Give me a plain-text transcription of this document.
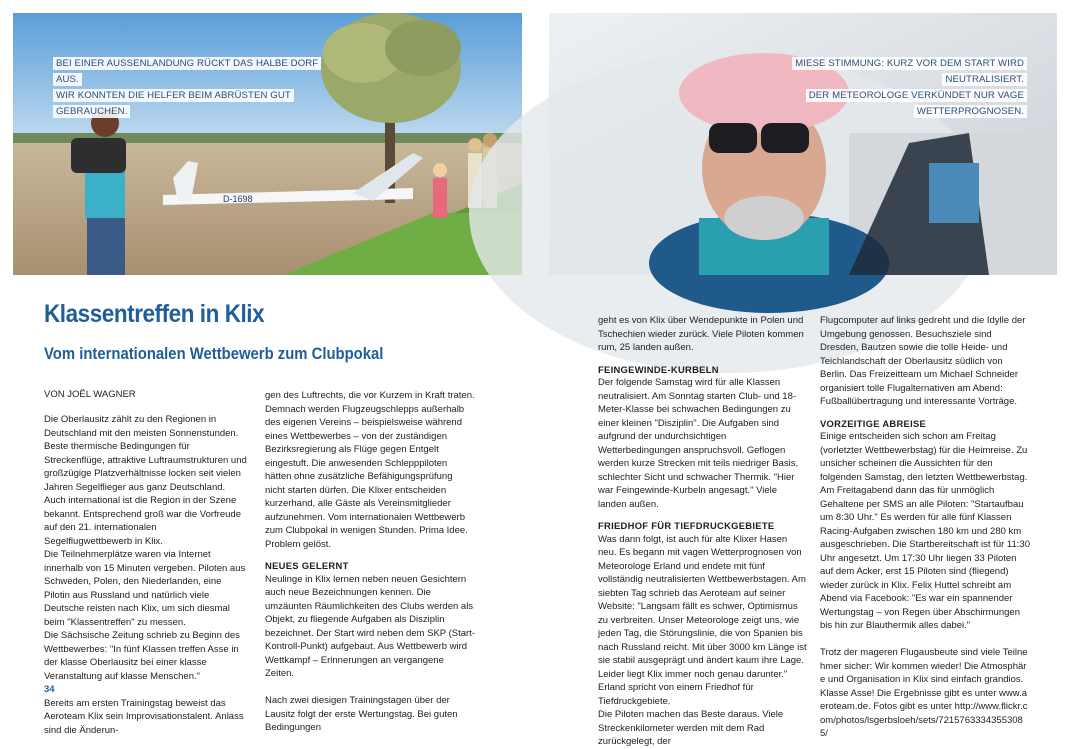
D-1698
BEI EINER AUSSENLANDUNG RÜCKT DAS HALBE DORF AUS.
WIR KONNTEN DIE HELFER BEIM ABRÜSTEN GUT GEBRAUCHEN.
MIESE STIMMUNG: KURZ VOR DEM START WIRD NEUTRALISIERT.
DER METEOROLOGE VERKÜNDET NUR VAGE WETTERPROGNOSEN.
Klassentreffen in Klix
Vom internationalen Wettbewerb zum Clubpokal
VON JOËL WAGNER

Die Oberlausitz zählt zu den Regionen in Deutschland mit den meisten Sonnenstunden. Beste thermische Bedingungen für Streckenflüge, attraktive Luftraumstrukturen und großzügige Platzverhältnisse locken seit vielen Jahren Segelflieger aus ganz Deutschland. Auch international ist die Region in der Szene bekannt. Entsprechend groß war die Vorfreude auf den 21. internationalen Segelflugwettbewerb in Klix.

Die Teilnehmerplätze waren via Internet innerhalb von 15 Minuten vergeben. Piloten aus Schweden, Polen, den Niederlanden, eine Pilotin aus Russland und natürlich viele Deutsche reisten nach Klix, um sich diesmal beim "Klassentreffen" zu messen.

Die Sächsische Zeitung schrieb zu Beginn des Wettbewerbes: "In fünf Klassen treffen Asse in der klasse Oberlausitz bei einer klasse Veranstaltung auf klasse Menschen."

Bereits am ersten Trainingstag beweist das Aeroteam Klix sein Improvisationstalent. Anlass sind die Änderun-

gen des Luftrechts, die vor Kurzem in Kraft traten. Demnach werden Flugzeugschlepps außerhalb des eigenen Vereins – beispielsweise während eines Wettbewerbes – von der zuständigen Bezirksregierung als Flüge gegen Entgelt eingestuft. Die anwesenden Schlepppiloten hätten ohne zusätzliche Befähigungsprüfung nicht starten dürfen. Die Klixer entscheiden kurzerhand, alle Gäste als Vereinsmitglieder aufzunehmen. Vom internationalen Wettbewerb zum Clubpokal in wenigen Stunden. Prima Idee. Problem gelöst.

NEUES GELERNT

Neulinge in Klix lernen neben neuen Gesichtern auch neue Bezeichnungen kennen. Die umzäunten Räumlichkeiten des Clubs werden als Objekt, zu fliegende Aufgaben als Disziplin bezeichnet. Der Start wird neben dem SKP (Start-Kontroll-Punkt) aufgebaut. Aus Wettbewerb wird Wettkampf – Erinnerungen an vergangene Zeiten.

Nach zwei diesigen Trainingstagen über der Lausitz folgt der erste Wertungstag. Bei guten Bedingungen

geht es von Klix über Wendepunkte in Polen und Tschechien wieder zurück. Viele Piloten kommen rum, 25 landen außen.

FEINGEWINDE-KURBELN

Der folgende Samstag wird für alle Klassen neutralisiert. Am Sonntag starten Club- und 18-Meter-Klasse bei schwachen Bedingungen zu einer kleinen "Disziplin". Die Aufgaben sind aufgrund der undurchsichtigen Wetterbedingungen anspruchsvoll. Geflogen werden kurze Strecken mit teils niedriger Basis, schlechter Sicht und schwacher Thermik. "Hier war Feingewinde-Kurbeln angesagt." Viele landen außen.

FRIEDHOF FÜR TIEFDRUCKGEBIETE

Was dann folgt, ist auch für alte Klixer Hasen neu. Es begann mit vagen Wetterprognosen von Meteorologe Erland und endete mit fünf vollständig neutralisierten Wettbewerbstagen. Am siebten Tag schrieb das Aeroteam auf seiner Website: "Langsam fällt es schwer, Optimismus zu verbreiten. Unser Meteorologe zeigt uns, wie jeden Tag, die Störungslinie, die von Spanien bis nach Russland reicht. Mit über 3000 km Länge ist sie stabil ausgeprägt und ändert kaum ihre Lage. Leider liegt Klix immer noch genau darunter." Erland spricht von einem Friedhof für Tiefdruckgebiete.

Die Piloten machen das Beste daraus. Viele Streckenkilometer werden mit dem Rad zurückgelegt, der

Flugcomputer auf links gedreht und die Idylle der Umgebung genossen. Besuchsziele sind Dresden, Bautzen sowie die tolle Heide- und Teichlandschaft der Oberlausitz südlich von Berlin. Das Freizeitteam um Michael Schneider organisiert tolle Flugalternativen am Abend: Fußballübertragung und interessante Vorträge.

VORZEITIGE ABREISE

Einige entscheiden sich schon am Freitag (vorletzter Wettbewerbstag) für die Heimreise. Zu unsicher scheinen die Aussichten für den folgenden Samstag, den letzten Wettbewerbstag. Am Freitagabend dann das für unmöglich Gehaltene per SMS an alle Piloten: "Startaufbau um 8:30 Uhr." Es werden für alle fünf Klassen Racing-Aufgaben zwischen 180 km und 280 km ausgeschrieben. Die Startbereitschaft ist für 11:30 Uhr angesetzt. Um 17:30 Uhr liegen 33 Piloten auf dem Acker, erst 15 Piloten sind (fliegend) wieder zurück in Klix. Felix Huttel schreibt am Abend via Facebook: "Es war ein spannender Wertungstag – von Regen über Abschirmungen bis hin zur Blauthermik alles dabei."

Trotz der mageren Flugausbeute sind viele Teilnehmer sicher: Wir kommen wieder! Die Atmosphäre und Organisation in Klix sind einfach grandios. Klasse Asse! Die Ergebnisse gibt es unter www.aeroteam.de. Fotos gibt es unter http://www.flickr.com/photos/lsgerbsloeh/sets/72157633343553085/

34
